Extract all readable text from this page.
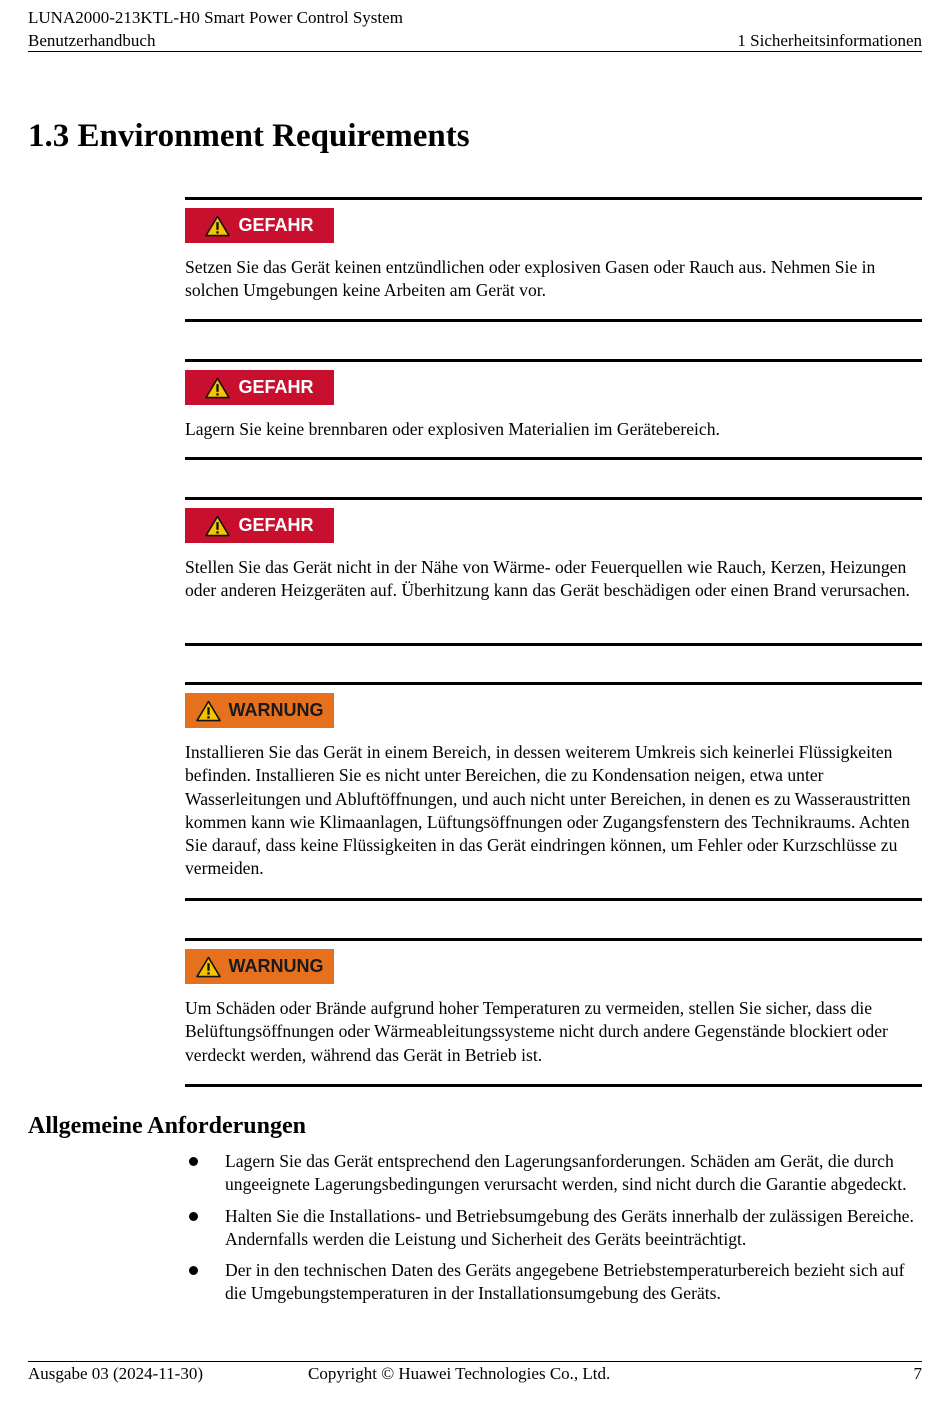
LUNA2000-213KTL-H0 Smart Power Control System
Benutzerhandbuch	1 Sicherheitsinformationen
1.3 Environment Requirements
GEFAHR

Setzen Sie das Gerät keinen entzündlichen oder explosiven Gasen oder Rauch aus. Nehmen Sie in solchen Umgebungen keine Arbeiten am Gerät vor.

GEFAHR

Lagern Sie keine brennbaren oder explosiven Materialien im Gerätebereich.

GEFAHR

Stellen Sie das Gerät nicht in der Nähe von Wärme- oder Feuerquellen wie Rauch, Kerzen, Heizungen oder anderen Heizgeräten auf. Überhitzung kann das Gerät beschädigen oder einen Brand verursachen.

WARNUNG

Installieren Sie das Gerät in einem Bereich, in dessen weiterem Umkreis sich keinerlei Flüssigkeiten befinden. Installieren Sie es nicht unter Bereichen, die zu Kondensation neigen, etwa unter Wasserleitungen und Abluftöffnungen, und auch nicht unter Bereichen, in denen es zu Wasseraustritten kommen kann wie Klimaanlagen, Lüftungsöffnungen oder Zugangsfenstern des Technikraums. Achten Sie darauf, dass keine Flüssigkeiten in das Gerät eindringen können, um Fehler oder Kurzschlüsse zu vermeiden.

WARNUNG

Um Schäden oder Brände aufgrund hoher Temperaturen zu vermeiden, stellen Sie sicher, dass die Belüftungsöffnungen oder Wärmeableitungssysteme nicht durch andere Gegenstände blockiert oder verdeckt werden, während das Gerät in Betrieb ist.

Allgemeine Anforderungen
Lagern Sie das Gerät entsprechend den Lagerungsanforderungen. Schäden am Gerät, die durch ungeeignete Lagerungsbedingungen verursacht werden, sind nicht durch die Garantie abgedeckt.
Halten Sie die Installations- und Betriebsumgebung des Geräts innerhalb der zulässigen Bereiche. Andernfalls werden die Leistung und Sicherheit des Geräts beeinträchtigt.
Der in den technischen Daten des Geräts angegebene Betriebstemperaturbereich bezieht sich auf die Umgebungstemperaturen in der Installationsumgebung des Geräts.
Ausgabe 03 (2024-11-30)	Copyright © Huawei Technologies Co., Ltd.	7
